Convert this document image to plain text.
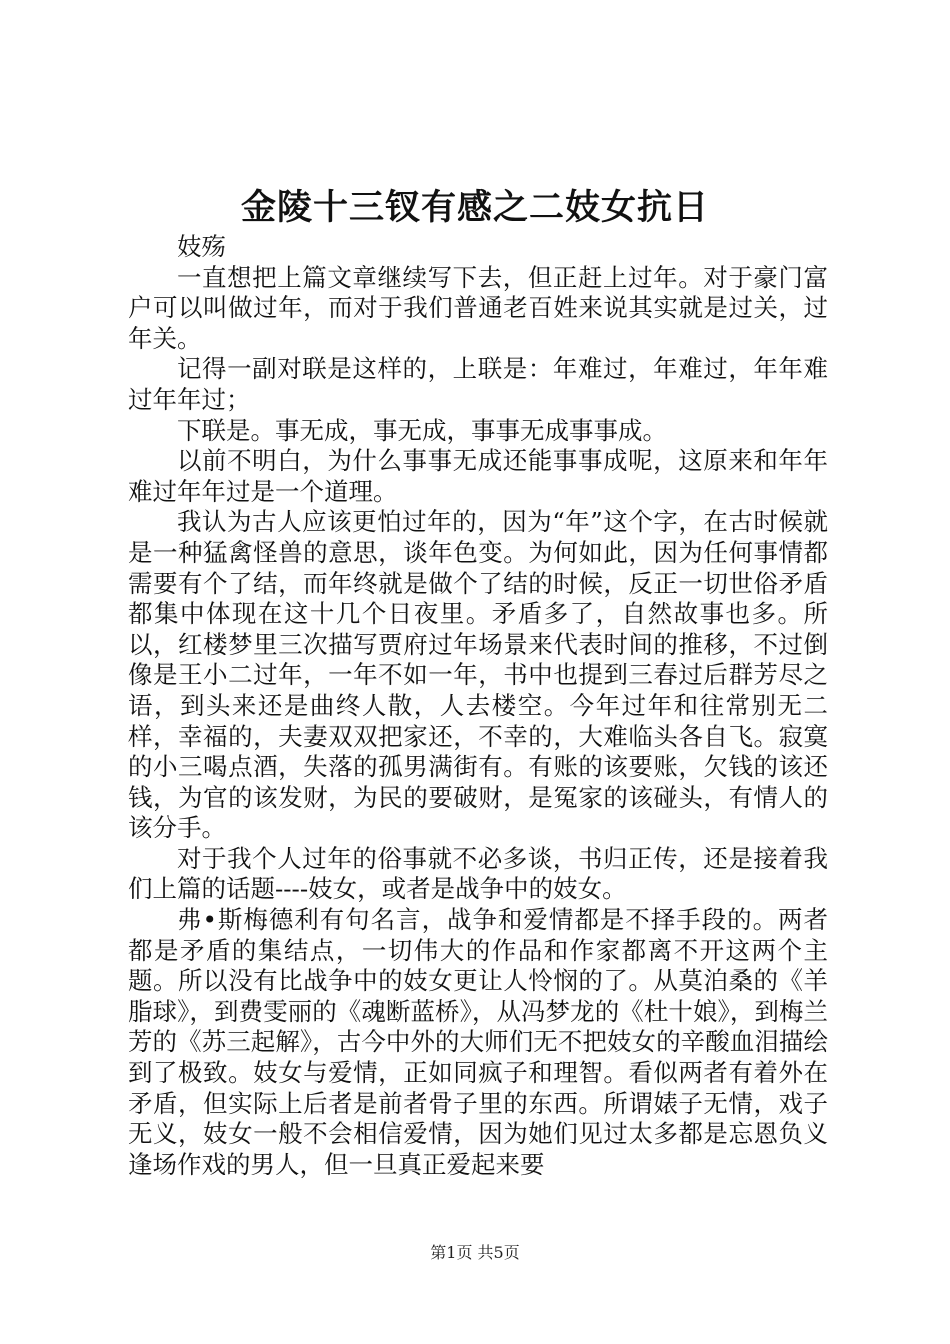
金陵十三钗有感之二妓女抗日

妓殇

一直想把上篇文章继续写下去，但正赶上过年。对于豪门富户可以叫做过年，而对于我们普通老百姓来说其实就是过关，过年关。

记得一副对联是这样的，上联是：年难过，年难过，年年难过年年过；

下联是。事无成，事无成，事事无成事事成。

以前不明白，为什么事事无成还能事事成呢，这原来和年年难过年年过是一个道理。

我认为古人应该更怕过年的，因为“年”这个字，在古时候就是一种猛禽怪兽的意思，谈年色变。为何如此，因为任何事情都需要有个了结，而年终就是做个了结的时候，反正一切世俗矛盾都集中体现在这十几个日夜里。矛盾多了，自然故事也多。所以，红楼梦里三次描写贾府过年场景来代表时间的推移，不过倒像是王小二过年，一年不如一年，书中也提到三春过后群芳尽之语，到头来还是曲终人散，人去楼空。今年过年和往常别无二样，幸福的，夫妻双双把家还，不幸的，大难临头各自飞。寂寞的小三喝点酒，失落的孤男满街有。有账的该要账，欠钱的该还钱，为官的该发财，为民的要破财，是冤家的该碰头，有情人的该分手。

对于我个人过年的俗事就不必多谈，书归正传，还是接着我们上篇的话题----妓女，或者是战争中的妓女。

弗•斯梅德利有句名言，战争和爱情都是不择手段的。两者都是矛盾的集结点，一切伟大的作品和作家都离不开这两个主题。所以没有比战争中的妓女更让人怜悯的了。从莫泊桑的《羊脂球》，到费雯丽的《魂断蓝桥》，从冯梦龙的《杜十娘》，到梅兰芳的《苏三起解》，古今中外的大师们无不把妓女的辛酸血泪描绘到了极致。妓女与爱情，正如同疯子和理智。看似两者有着外在矛盾，但实际上后者是前者骨子里的东西。所谓婊子无情，戏子无义，妓女一般不会相信爱情，因为她们见过太多都是忘恩负义逢场作戏的男人，但一旦真正爱起来要

第1页 共5页
